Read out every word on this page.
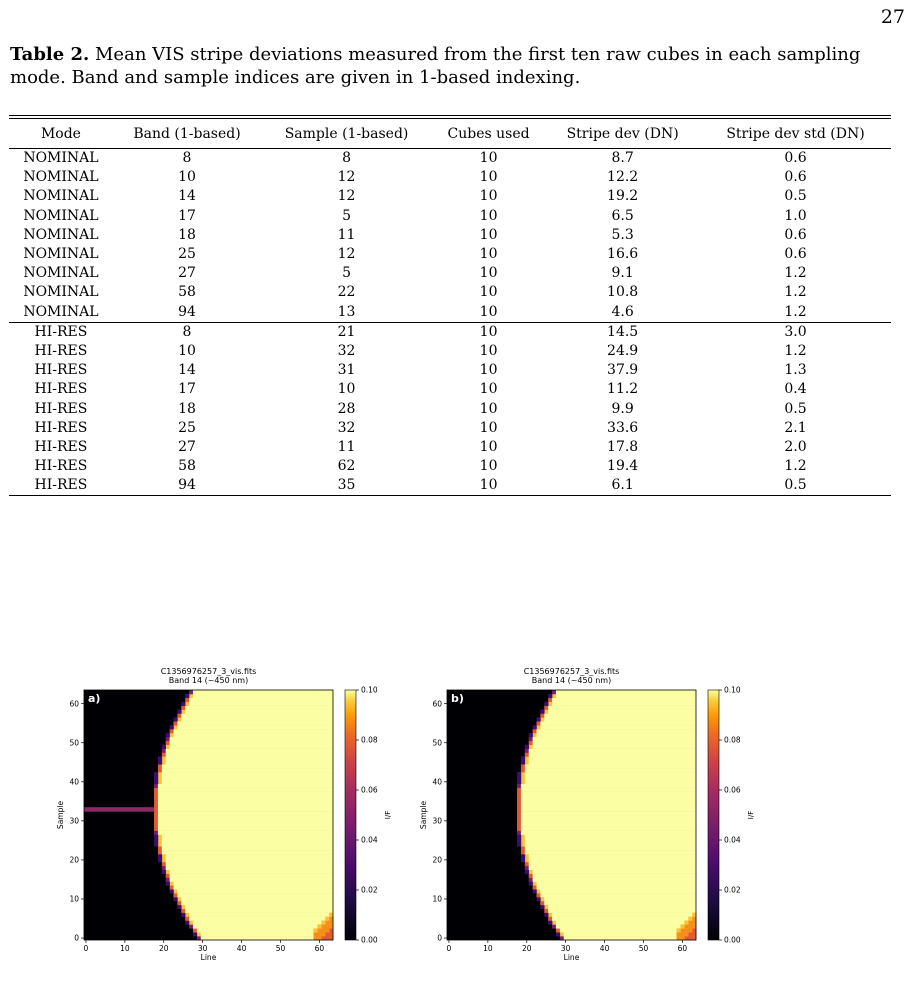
27
Table 2. Mean VIS stripe deviations measured from the first ten raw cubes in each sampling mode. Band and sample indices are given in 1-based indexing.
Mode	Band (1-based)	Sample (1-based)	Cubes used	Stripe dev (DN)	Stripe dev std (DN)
NOMINAL	8	8	10	8.7	0.6
NOMINAL	10	12	10	12.2	0.6
NOMINAL	14	12	10	19.2	0.5
NOMINAL	17	5	10	6.5	1.0
NOMINAL	18	11	10	5.3	0.6
NOMINAL	25	12	10	16.6	0.6
NOMINAL	27	5	10	9.1	1.2
NOMINAL	58	22	10	10.8	1.2
NOMINAL	94	13	10	4.6	1.2
HI-RES	8	21	10	14.5	3.0
HI-RES	10	32	10	24.9	1.2
HI-RES	14	31	10	37.9	1.3
HI-RES	17	10	10	11.2	0.4
HI-RES	18	28	10	9.9	0.5
HI-RES	25	32	10	33.6	2.1
HI-RES	27	11	10	17.8	2.0
HI-RES	58	62	10	19.4	1.2
HI-RES	94	35	10	6.1	0.5
C1356976257_3_vis.fits
Band 14 (~450 nm)
a)
0	10	20	30	40	50	60
0
10
20
30
40
50
60
Line
Sample
0.00
0.02
0.04
0.06
0.08
0.10
I/F
C1356976257_3_vis.fits
Band 14 (~450 nm)
b)
0	10	20	30	40	50	60
0
10
20
30
40
50
60
Line
Sample
0.00
0.02
0.04
0.06
0.08
0.10
I/F
